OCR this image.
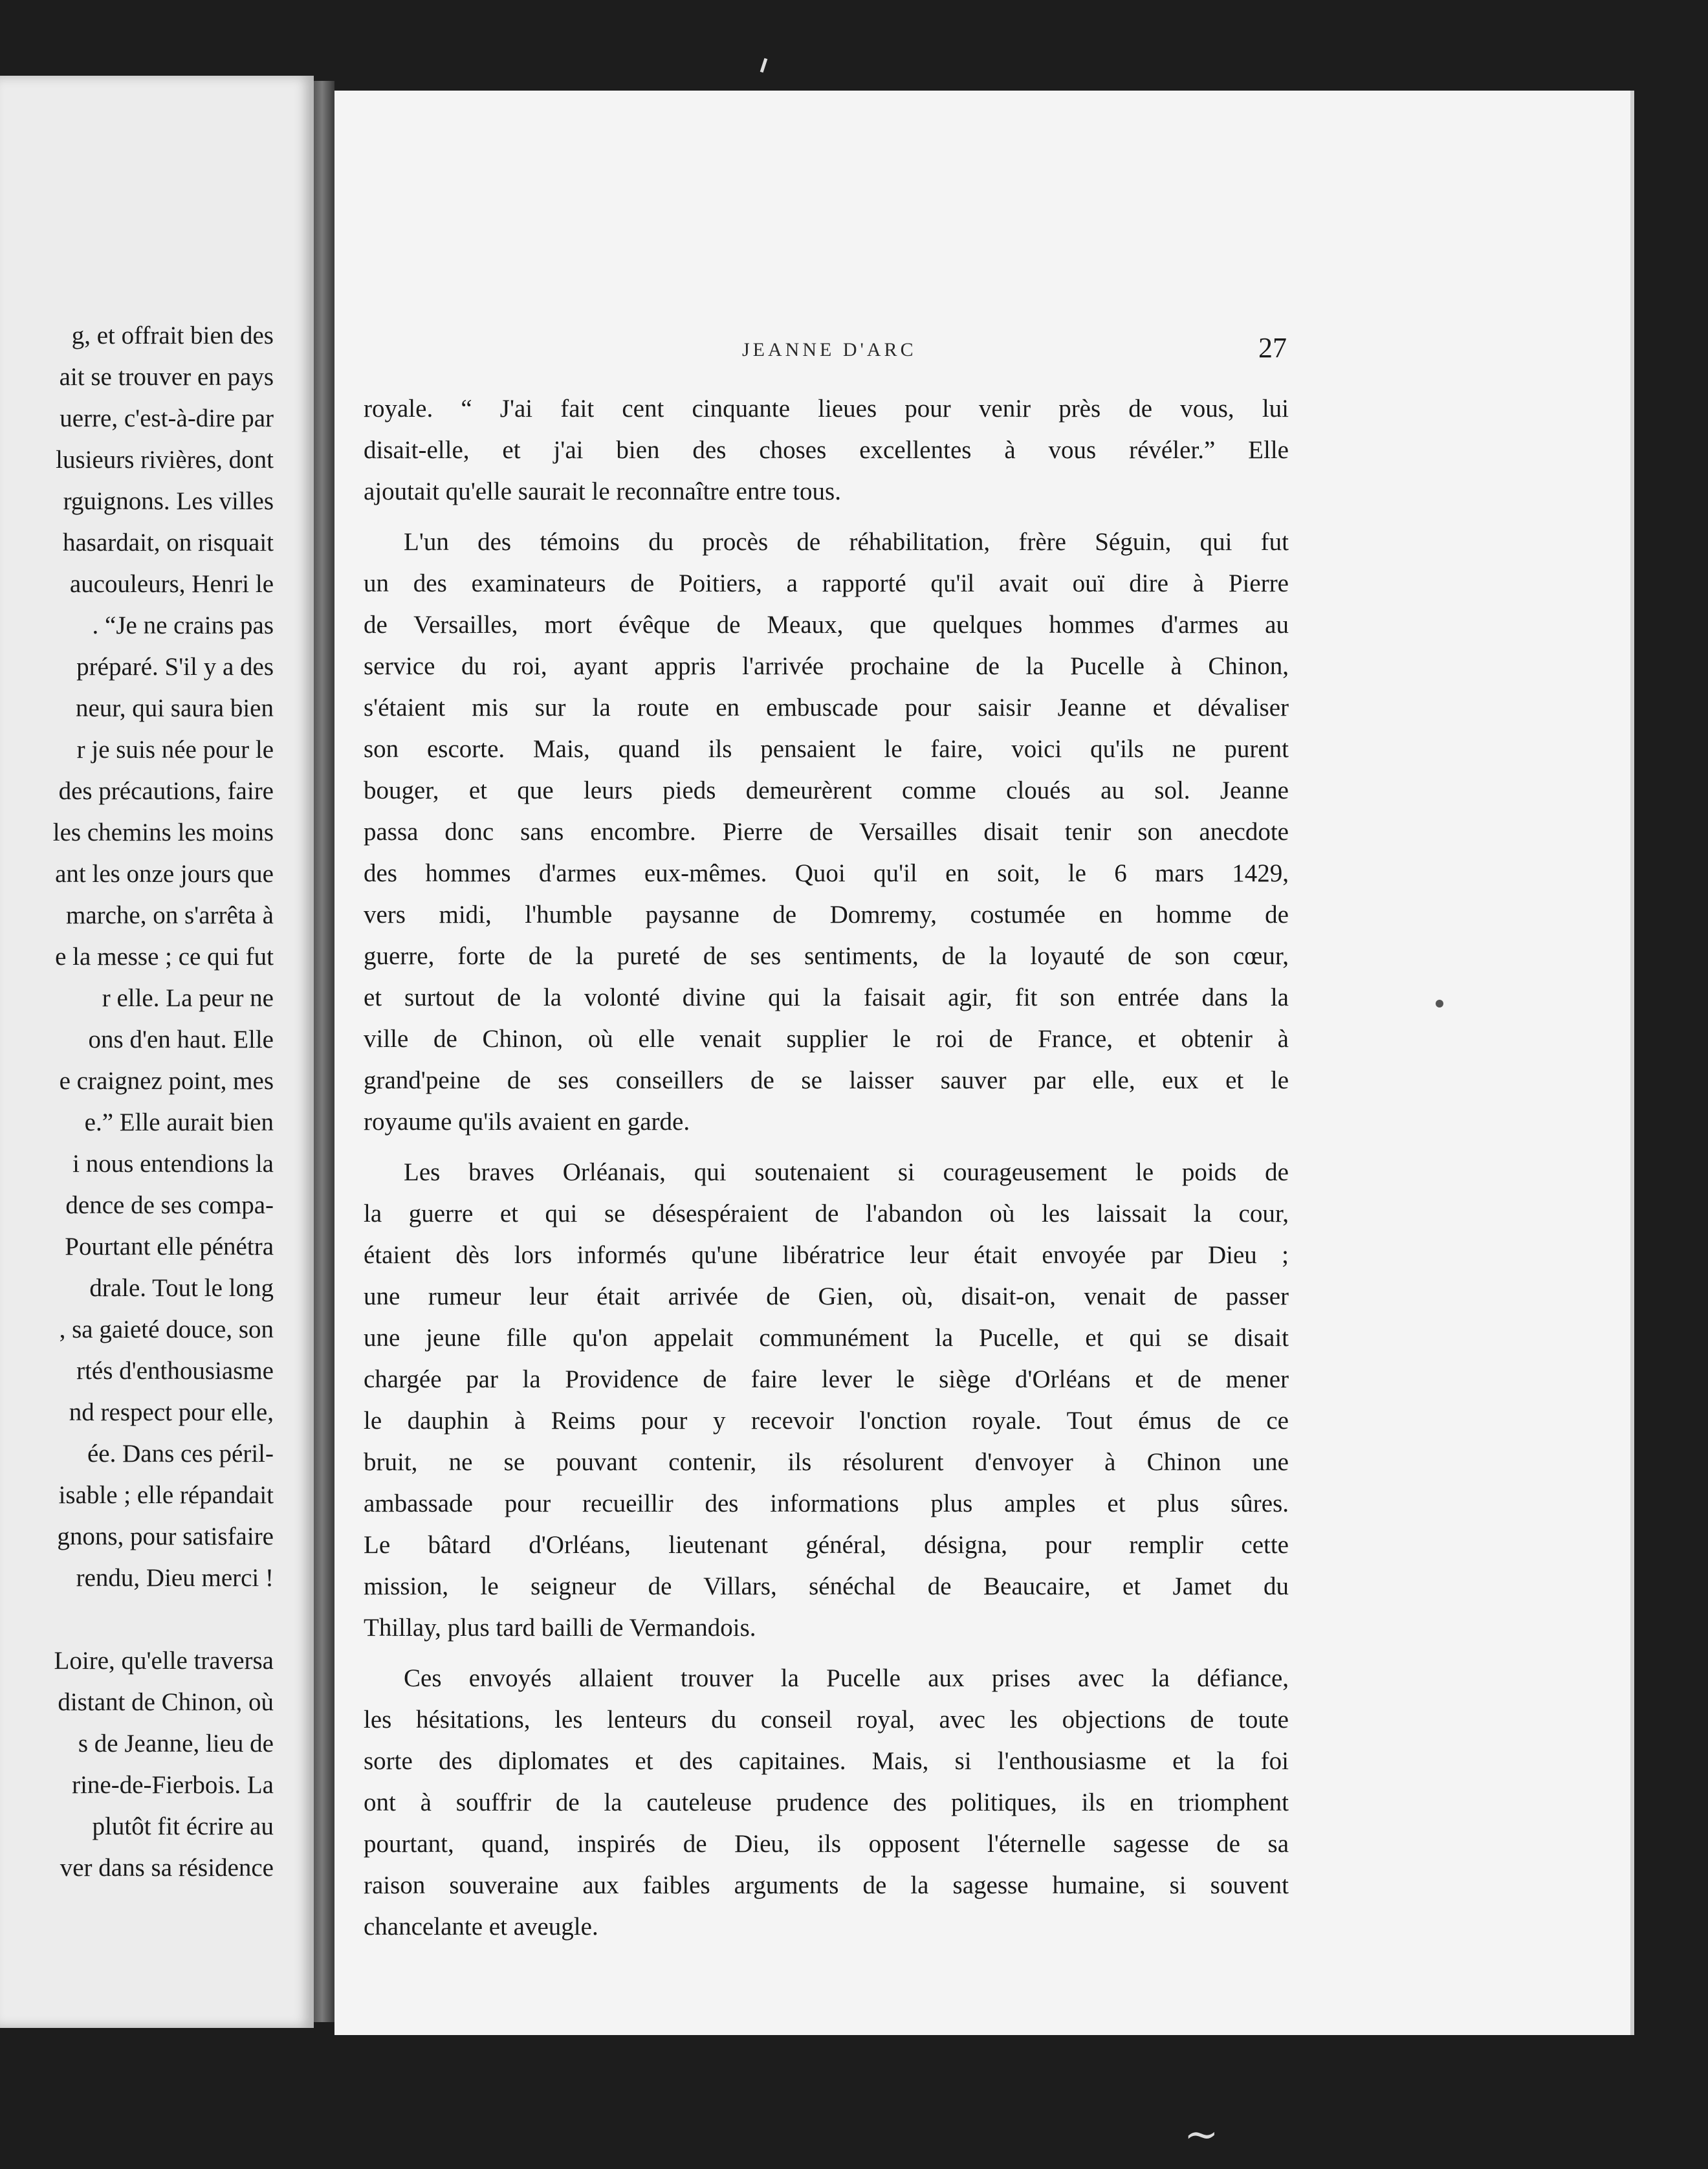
g, et offrait bien des
ait se trouver en pays
uerre, c'est-à-dire par
lusieurs rivières, dont
rguignons. Les villes
hasardait, on risquait
aucouleurs, Henri le
. “Je ne crains pas
préparé. S'il y a des
neur, qui saura bien
r je suis née pour le
des précautions, faire
les chemins les moins
ant les onze jours que
marche, on s'arrêta à
e la messe ; ce qui fut
r elle. La peur ne
ons d'en haut. Elle
e craignez point, mes
e.” Elle aurait bien
i nous entendions la
dence de ses compa-
Pourtant elle pénétra
drale. Tout le long
, sa gaieté douce, son
rtés d'enthousiasme
nd respect pour elle,
ée. Dans ces péril-
isable ; elle répandait
gnons, pour satisfaire
rendu, Dieu merci !
Loire, qu'elle traversa
distant de Chinon, où
s de Jeanne, lieu de
rine-de-Fierbois. La
plutôt fit écrire au
ver dans sa résidence
JEANNE D'ARC	27
royale. “ J'ai fait cent cinquante lieues pour venir près de vous, lui
disait-elle, et j'ai bien des choses excellentes à vous révéler.” Elle
ajoutait qu'elle saurait le reconnaître entre tous.
L'un des témoins du procès de réhabilitation, frère Séguin, qui fut
un des examinateurs de Poitiers, a rapporté qu'il avait ouï dire à Pierre
de Versailles, mort évêque de Meaux, que quelques hommes d'armes au
service du roi, ayant appris l'arrivée prochaine de la Pucelle à Chinon,
s'étaient mis sur la route en embuscade pour saisir Jeanne et dévaliser
son escorte. Mais, quand ils pensaient le faire, voici qu'ils ne purent
bouger, et que leurs pieds demeurèrent comme cloués au sol. Jeanne
passa donc sans encombre. Pierre de Versailles disait tenir son anecdote
des hommes d'armes eux-mêmes. Quoi qu'il en soit, le 6 mars 1429,
vers midi, l'humble paysanne de Domremy, costumée en homme de
guerre, forte de la pureté de ses sentiments, de la loyauté de son cœur,
et surtout de la volonté divine qui la faisait agir, fit son entrée dans la
ville de Chinon, où elle venait supplier le roi de France, et obtenir à
grand'peine de ses conseillers de se laisser sauver par elle, eux et le
royaume qu'ils avaient en garde.
Les braves Orléanais, qui soutenaient si courageusement le poids de
la guerre et qui se désespéraient de l'abandon où les laissait la cour,
étaient dès lors informés qu'une libératrice leur était envoyée par Dieu ;
une rumeur leur était arrivée de Gien, où, disait-on, venait de passer
une jeune fille qu'on appelait communément la Pucelle, et qui se disait
chargée par la Providence de faire lever le siège d'Orléans et de mener
le dauphin à Reims pour y recevoir l'onction royale. Tout émus de ce
bruit, ne se pouvant contenir, ils résolurent d'envoyer à Chinon une
ambassade pour recueillir des informations plus amples et plus sûres.
Le bâtard d'Orléans, lieutenant général, désigna, pour remplir cette
mission, le seigneur de Villars, sénéchal de Beaucaire, et Jamet du
Thillay, plus tard bailli de Vermandois.
Ces envoyés allaient trouver la Pucelle aux prises avec la défiance,
les hésitations, les lenteurs du conseil royal, avec les objections de toute
sorte des diplomates et des capitaines. Mais, si l'enthousiasme et la foi
ont à souffrir de la cauteleuse prudence des politiques, ils en triomphent
pourtant, quand, inspirés de Dieu, ils opposent l'éternelle sagesse de sa
raison souveraine aux faibles arguments de la sagesse humaine, si souvent
chancelante et aveugle.
~
